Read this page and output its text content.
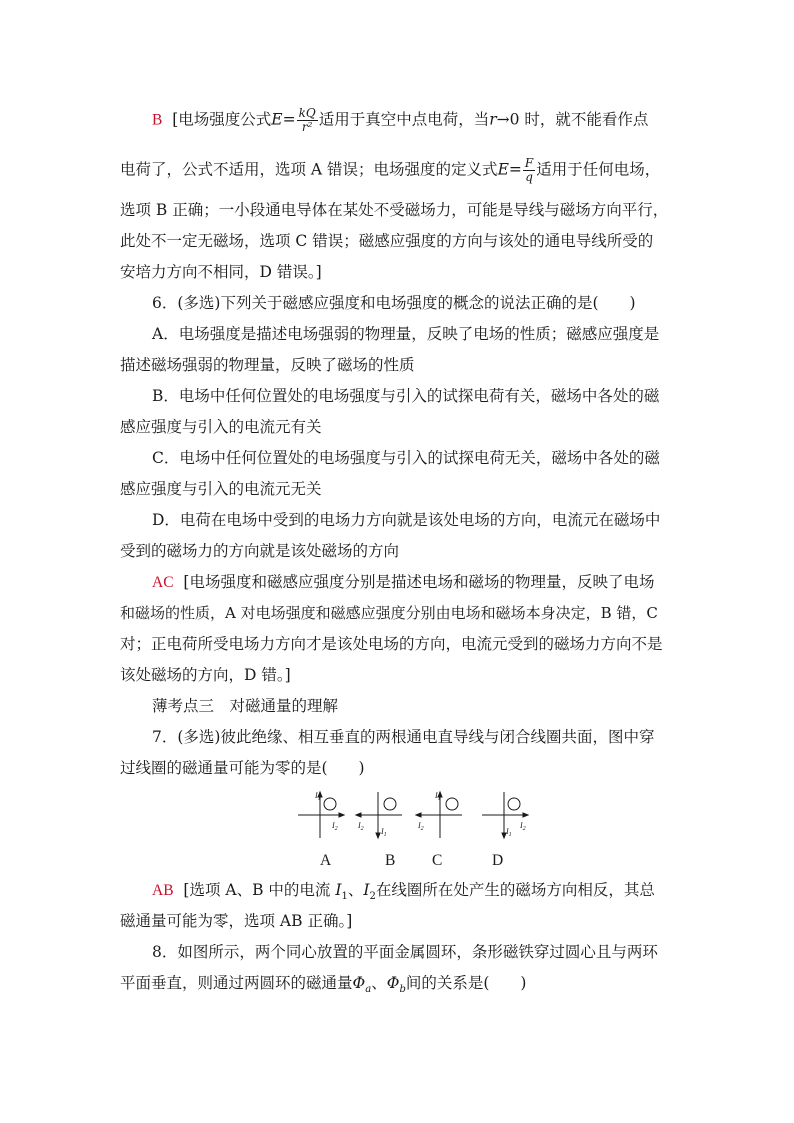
B [电场强度公式$E= \frac{kQ}{\text{r²}}$ 适用于真空中点电荷，当r→0 时，就不能看作点
电荷了，公式不适用，选项 A 错误；电场强度的定义式$E= \frac{F}{q}$ 适用于任何电场，
选项 B 正确；一小段通电导体在某处不受磁场力，可能是导线与磁场方向平行，
此处不一定无磁场，选项 C 错误；磁感应强度的方向与该处的通电导线所受的
安培力方向不相同，D 错误。]
6．(多选)下列关于磁感应强度和电场强度的概念的说法正确的是(　　)
A．电场强度是描述电场强弱的物理量，反映了电场的性质；磁感应强度是
描述磁场强弱的物理量，反映了磁场的性质
B．电场中任何位置处的电场强度与引入的试探电荷有关，磁场中各处的磁
感应强度与引入的电流元有关
C．电场中任何位置处的电场强度与引入的试探电荷无关，磁场中各处的磁
感应强度与引入的电流元无关
D．电荷在电场中受到的电场力方向就是该处电场的方向，电流元在磁场中
受到的磁场力的方向就是该处磁场的方向
AC [电场强度和磁感应强度分别是描述电场和磁场的物理量，反映了电场
和磁场的性质，A 对电场强度和磁感应强度分别由电场和磁场本身决定，B 错，C
对；正电荷所受电场力方向才是该处电场的方向，电流元受到的磁场力方向不是
该处磁场的方向，D 错。]
薄考点三　对磁通量的理解
7．(多选)彼此绝缘、相互垂直的两根通电直导线与闭合线圈共面，图中穿
过线圈的磁通量可能为零的是(　　)
$I_1$
$I_2$	$I_2$ $I_1$
$I_1$
$I_2$	$I_1$
$I_2$
A	B C	D
AB [选项 A、B 中的电流 $I_1$、$I_2$在线圈所在处产生的磁场方向相反，其总
磁通量可能为零，选项 AB 正确。]
8．如图所示，两个同心放置的平面金属圆环，条形磁铁穿过圆心且与两环
平面垂直，则通过两圆环的磁通量$\Phi_a$、$\Phi_b$间的关系是(　　)
